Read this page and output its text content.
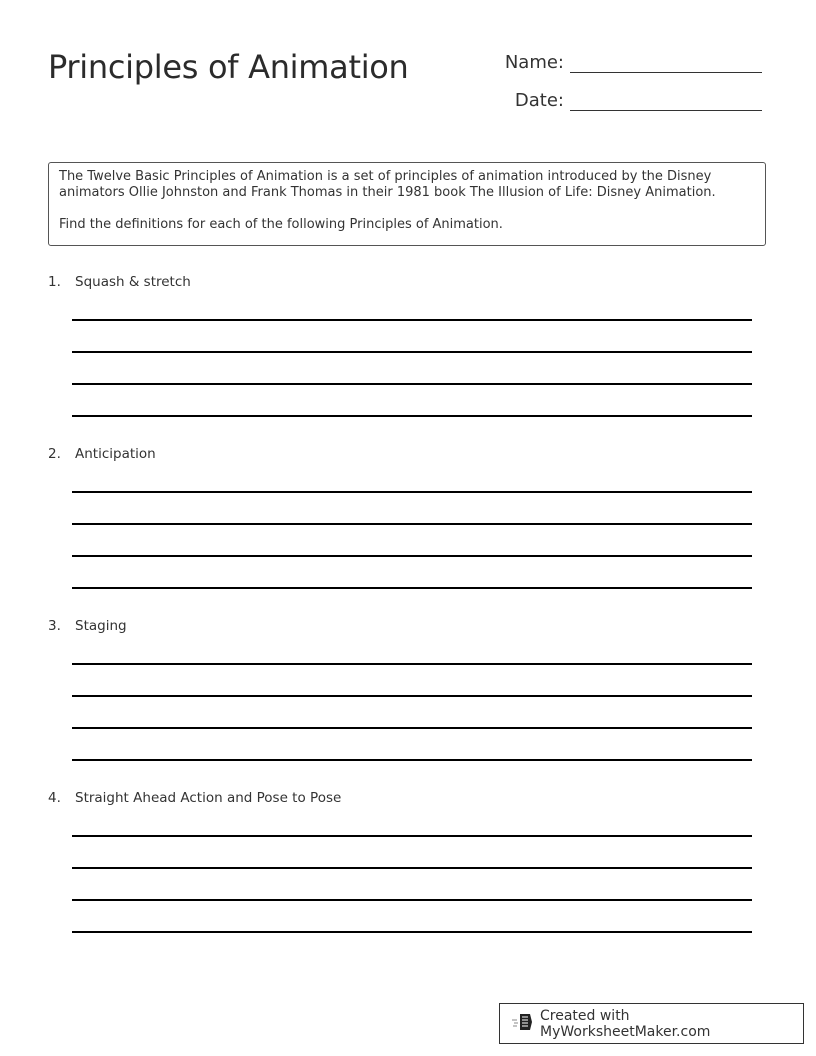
Principles of Animation	Name:
Date:

The Twelve Basic Principles of Animation is a set of principles of animation introduced by the Disney animators Ollie Johnston and Frank Thomas in their 1981 book The Illusion of Life: Disney Animation.

Find the definitions for each of the following Principles of Animation.

1. Squash & stretch
2. Anticipation
3. Staging
4. Straight Ahead Action and Pose to Pose
Created with MyWorksheetMaker.com
